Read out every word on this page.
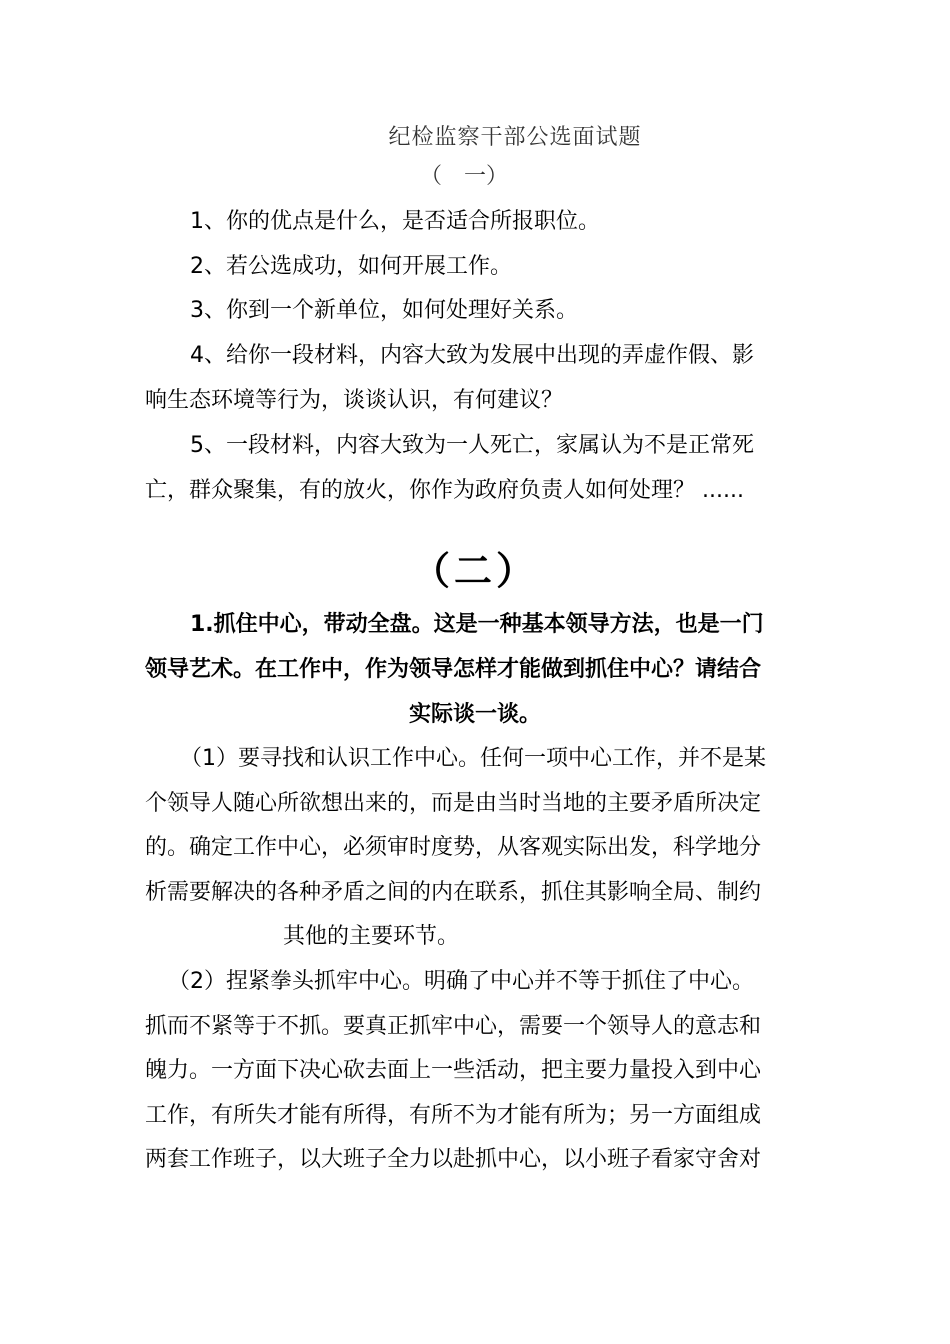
纪检监察干部公选面试题
（　一）
1、你的优点是什么，是否适合所报职位。
2、若公选成功，如何开展工作。
3、你到一个新单位，如何处理好关系。
4、给你一段材料，内容大致为发展中出现的弄虚作假、影
响生态环境等行为，谈谈认识，有何建议？
5、一段材料，内容大致为一人死亡，家属认为不是正常死
亡，群众聚集，有的放火，你作为政府负责人如何处理？ ......
（二）
1.抓住中心，带动全盘。这是一种基本领导方法，也是一门
领导艺术。在工作中，作为领导怎样才能做到抓住中心？请结合
实际谈一谈。
（1）要寻找和认识工作中心。任何一项中心工作，并不是某
个领导人随心所欲想出来的，而是由当时当地的主要矛盾所决定
的。确定工作中心，必须审时度势，从客观实际出发，科学地分
析需要解决的各种矛盾之间的内在联系，抓住其影响全局、制约
其他的主要环节。
（2）捏紧拳头抓牢中心。明确了中心并不等于抓住了中心。
抓而不紧等于不抓。要真正抓牢中心，需要一个领导人的意志和
魄力。一方面下决心砍去面上一些活动，把主要力量投入到中心
工作，有所失才能有所得，有所不为才能有所为；另一方面组成
两套工作班子，以大班子全力以赴抓中心，以小班子看家守舍对
